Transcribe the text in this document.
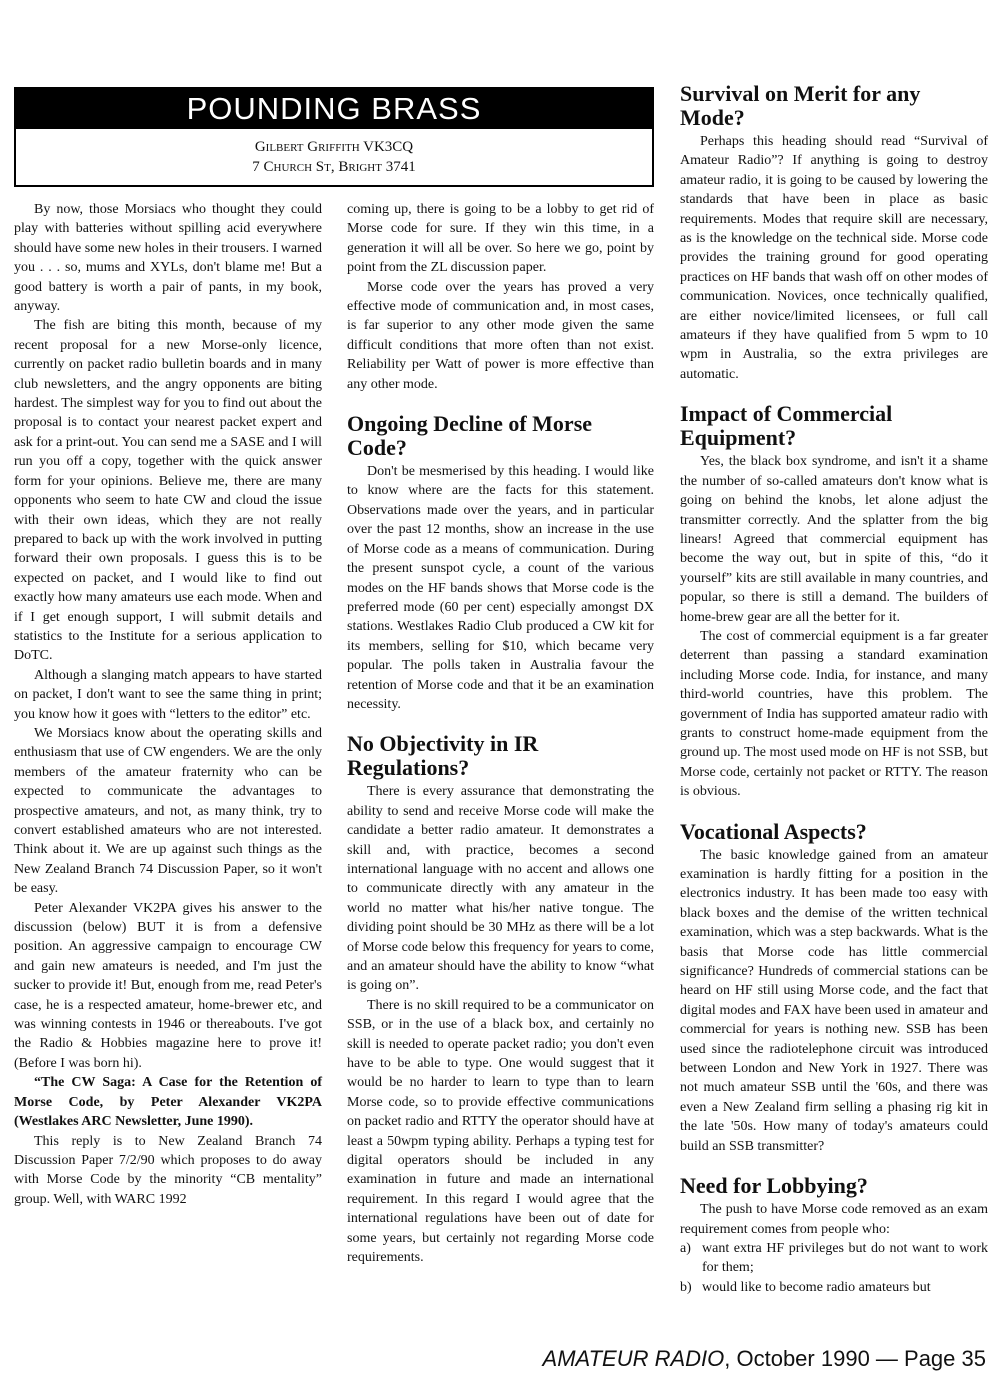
POUNDING BRASS
Gilbert Griffith VK3CQ
7 Church St, Bright 3741

By now, those Morsiacs who thought they could play with batteries without spilling acid everywhere should have some new holes in their trousers. I warned you . . . so, mums and XYLs, don't blame me! But a good battery is worth a pair of pants, in my book, anyway.

The fish are biting this month, because of my recent proposal for a new Morse-only licence, currently on packet radio bulletin boards and in many club newsletters, and the angry opponents are biting hardest. The simplest way for you to find out about the proposal is to contact your nearest packet expert and ask for a print-out. You can send me a SASE and I will run you off a copy, together with the quick answer form for your opinions. Believe me, there are many opponents who seem to hate CW and cloud the issue with their own ideas, which they are not really prepared to back up with the work involved in putting forward their own proposals. I guess this is to be expected on packet, and I would like to find out exactly how many amateurs use each mode. When and if I get enough support, I will submit details and statistics to the Institute for a serious application to DoTC.

Although a slanging match appears to have started on packet, I don't want to see the same thing in print; you know how it goes with “letters to the editor” etc.

We Morsiacs know about the operating skills and enthusiasm that use of CW engenders. We are the only members of the amateur fraternity who can be expected to communicate the advantages to prospective amateurs, and not, as many think, try to convert established amateurs who are not interested. Think about it. We are up against such things as the New Zealand Branch 74 Discussion Paper, so it won't be easy.

Peter Alexander VK2PA gives his answer to the discussion (below) BUT it is from a defensive position. An aggressive campaign to encourage CW and gain new amateurs is needed, and I'm just the sucker to provide it! But, enough from me, read Peter's case, he is a respected amateur, home-brewer etc, and was winning contests in 1946 or thereabouts. I've got the Radio & Hobbies magazine here to prove it! (Before I was born hi).

“The CW Saga: A Case for the Retention of Morse Code, by Peter Alexander VK2PA (Westlakes ARC Newsletter, June 1990).

This reply is to New Zealand Branch 74 Discussion Paper 7/2/90 which proposes to do away with Morse Code by the minority “CB mentality” group. Well, with WARC 1992

coming up, there is going to be a lobby to get rid of Morse code for sure. If they win this time, in a generation it will all be over. So here we go, point by point from the ZL discussion paper.

Morse code over the years has proved a very effective mode of communication and, in most cases, is far superior to any other mode given the same difficult conditions that more often than not exist. Reliability per Watt of power is more effective than any other mode.

Ongoing Decline of Morse Code?

Don't be mesmerised by this heading. I would like to know where are the facts for this statement. Observations made over the years, and in particular over the past 12 months, show an increase in the use of Morse code as a means of communication. During the present sunspot cycle, a count of the various modes on the HF bands shows that Morse code is the preferred mode (60 per cent) especially amongst DX stations. Westlakes Radio Club produced a CW kit for its members, selling for $10, which became very popular. The polls taken in Australia favour the retention of Morse code and that it be an examination necessity.

No Objectivity in IR Regulations?

There is every assurance that demonstrating the ability to send and receive Morse code will make the candidate a better radio amateur. It demonstrates a skill and, with practice, becomes a second international language with no accent and allows one to communicate directly with any amateur in the world no matter what his/her native tongue. The dividing point should be 30 MHz as there will be a lot of Morse code below this frequency for years to come, and an amateur should have the ability to know “what is going on”.

There is no skill required to be a communicator on SSB, or in the use of a black box, and certainly no skill is needed to operate packet radio; you don't even have to be able to type. One would suggest that it would be no harder to learn to type than to learn Morse code, so to provide effective communications on packet radio and RTTY the operator should have at least a 50wpm typing ability. Perhaps a typing test for digital operators should be included in any examination in future and made an international requirement. In this regard I would agree that the international regulations have been out of date for some years, but certainly not regarding Morse code requirements.

Survival on Merit for any Mode?

Perhaps this heading should read “Survival of Amateur Radio”? If anything is going to destroy amateur radio, it is going to be caused by lowering the standards that have been in place as basic requirements. Modes that require skill are necessary, as is the knowledge on the technical side. Morse code provides the training ground for good operating practices on HF bands that wash off on other modes of communication. Novices, once technically qualified, are either novice/limited licensees, or full call amateurs if they have qualified from 5 wpm to 10 wpm in Australia, so the extra privileges are automatic.

Impact of Commercial Equipment?

Yes, the black box syndrome, and isn't it a shame the number of so-called amateurs don't know what is going on behind the knobs, let alone adjust the transmitter correctly. And the splatter from the big linears! Agreed that commercial equipment has become the way out, but in spite of this, “do it yourself” kits are still available in many countries, and popular, so there is still a demand. The builders of home-brew gear are all the better for it.

The cost of commercial equipment is a far greater deterrent than passing a standard examination including Morse code. India, for instance, and many third-world countries, have this problem. The government of India has supported amateur radio with grants to construct home-made equipment from the ground up. The most used mode on HF is not SSB, but Morse code, certainly not packet or RTTY. The reason is obvious.

Vocational Aspects?

The basic knowledge gained from an amateur examination is hardly fitting for a position in the electronics industry. It has been made too easy with black boxes and the demise of the written technical examination, which was a step backwards. What is the basis that Morse code has little commercial significance? Hundreds of commercial stations can be heard on HF still using Morse code, and the fact that digital modes and FAX have been used in amateur and commercial for years is nothing new. SSB has been used since the radiotelephone circuit was introduced between London and New York in 1927. There was not much amateur SSB until the '60s, and there was even a New Zealand firm selling a phasing rig kit in the late '50s. How many of today's amateurs could build an SSB transmitter?

Need for Lobbying?

The push to have Morse code removed as an exam requirement comes from people who:

a) want extra HF privileges but do not want to work for them;
b) would like to become radio amateurs but
AMATEUR RADIO, October 1990 — Page 35
